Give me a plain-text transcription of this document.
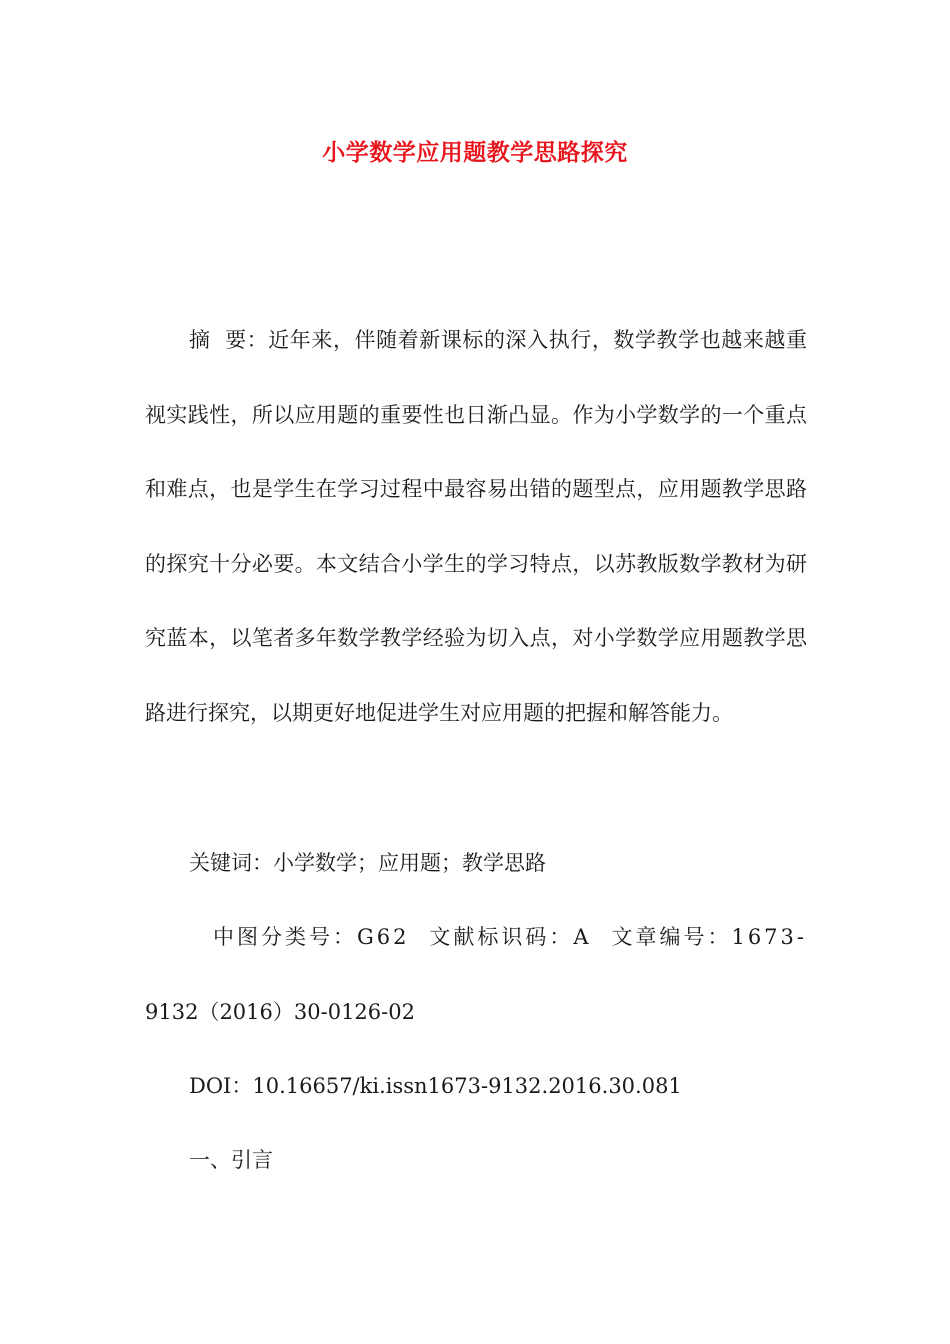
小学数学应用题教学思路探究
摘  要：近年来，伴随着新课标的深入执行，数学教学也越来越重视实践性，所以应用题的重要性也日渐凸显。作为小学数学的一个重点和难点，也是学生在学习过程中最容易出错的题型点，应用题教学思路的探究十分必要。本文结合小学生的学习特点，以苏教版数学教材为研究蓝本，以笔者多年数学教学经验为切入点，对小学数学应用题教学思路进行探究，以期更好地促进学生对应用题的把握和解答能力。
关键词：小学数学；应用题；教学思路
中图分类号：G62 文献标识码：A 文章编号：1673-
9132（2016）30-0126-02
DOI：10.16657/ki.issn1673-9132.2016.30.081
一、引言
